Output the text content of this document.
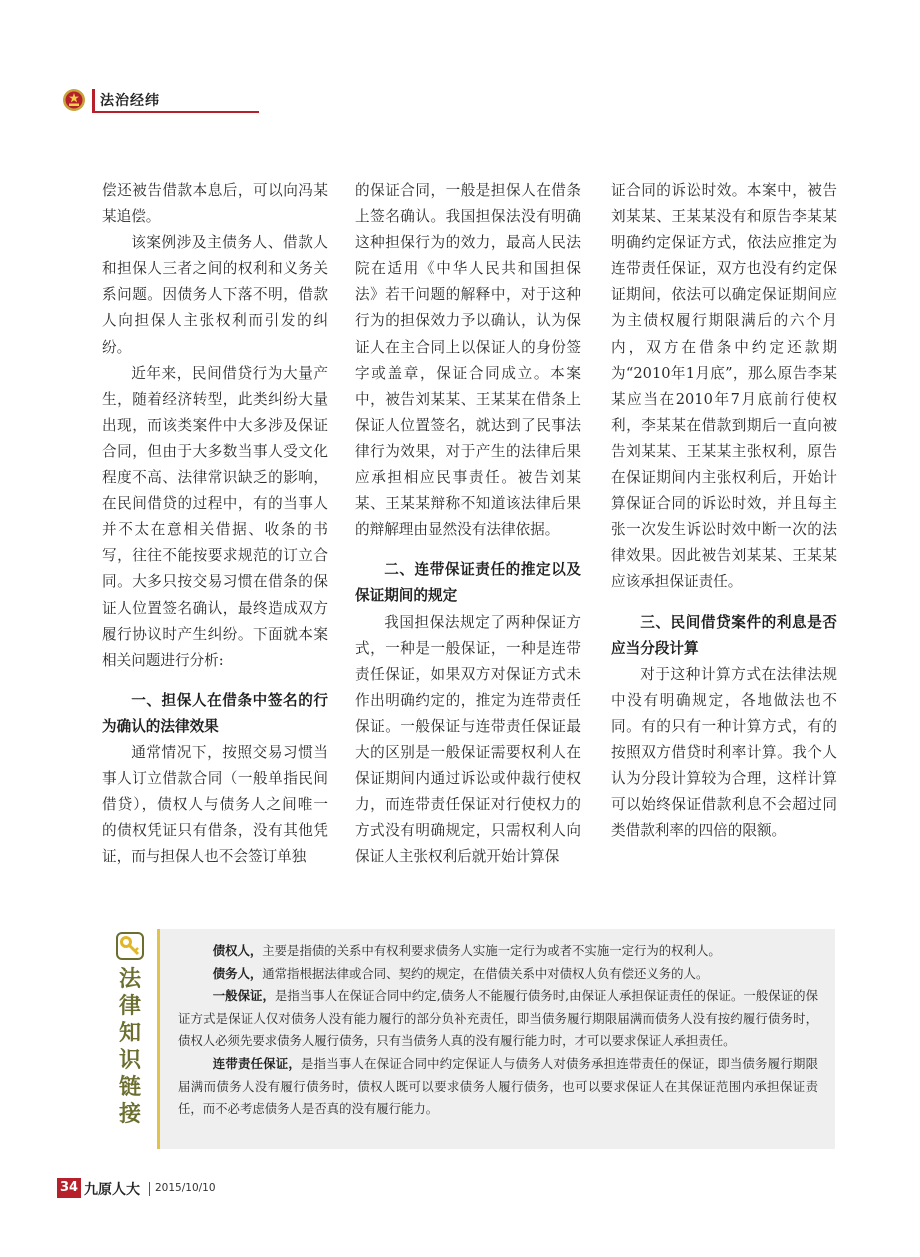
法治经纬

偿还被告借款本息后，可以向冯某某追偿。

该案例涉及主债务人、借款人和担保人三者之间的权利和义务关系问题。因债务人下落不明，借款人向担保人主张权利而引发的纠纷。

近年来，民间借贷行为大量产生，随着经济转型，此类纠纷大量出现，而该类案件中大多涉及保证合同，但由于大多数当事人受文化程度不高、法律常识缺乏的影响，在民间借贷的过程中，有的当事人并不太在意相关借据、收条的书写，往往不能按要求规范的订立合同。大多只按交易习惯在借条的保证人位置签名确认，最终造成双方履行协议时产生纠纷。下面就本案相关问题进行分析:

一、担保人在借条中签名的行为确认的法律效果

通常情况下，按照交易习惯当事人订立借款合同（一般单指民间借贷），债权人与债务人之间唯一的债权凭证只有借条，没有其他凭证，而与担保人也不会签订单独

的保证合同，一般是担保人在借条上签名确认。我国担保法没有明确这种担保行为的效力，最高人民法院在适用《中华人民共和国担保法》若干问题的解释中，对于这种行为的担保效力予以确认，认为保证人在主合同上以保证人的身份签字或盖章，保证合同成立。本案中，被告刘某某、王某某在借条上保证人位置签名，就达到了民事法律行为效果，对于产生的法律后果应承担相应民事责任。被告刘某某、王某某辩称不知道该法律后果的辩解理由显然没有法律依据。

二、连带保证责任的推定以及保证期间的规定

我国担保法规定了两种保证方式，一种是一般保证，一种是连带责任保证，如果双方对保证方式未作出明确约定的，推定为连带责任保证。一般保证与连带责任保证最大的区别是一般保证需要权利人在保证期间内通过诉讼或仲裁行使权力，而连带责任保证对行使权力的方式没有明确规定，只需权利人向保证人主张权利后就开始计算保

证合同的诉讼时效。本案中，被告刘某某、王某某没有和原告李某某明确约定保证方式，依法应推定为连带责任保证，双方也没有约定保证期间，依法可以确定保证期间应为主债权履行期限满后的六个月内，双方在借条中约定还款期为“2010年1月底”，那么原告李某某应当在2010年7月底前行使权利，李某某在借款到期后一直向被告刘某某、王某某主张权利，原告在保证期间内主张权利后，开始计算保证合同的诉讼时效，并且每主张一次发生诉讼时效中断一次的法律效果。因此被告刘某某、王某某应该承担保证责任。

三、民间借贷案件的利息是否应当分段计算

对于这种计算方式在法律法规中没有明确规定，各地做法也不同。有的只有一种计算方式，有的按照双方借贷时利率计算。我个人认为分段计算较为合理，这样计算可以始终保证借款利息不会超过同类借款利率的四倍的限额。

法律知识链接

债权人，主要是指债的关系中有权利要求债务人实施一定行为或者不实施一定行为的权利人。

债务人，通常指根据法律或合同、契约的规定，在借债关系中对债权人负有偿还义务的人。

一般保证，是指当事人在保证合同中约定,债务人不能履行债务时,由保证人承担保证责任的保证。一般保证的保证方式是保证人仅对债务人没有能力履行的部分负补充责任，即当债务履行期限届满而债务人没有按约履行债务时，债权人必须先要求债务人履行债务，只有当债务人真的没有履行能力时，才可以要求保证人承担责任。

连带责任保证，是指当事人在保证合同中约定保证人与债务人对债务承担连带责任的保证，即当债务履行期限届满而债务人没有履行债务时，债权人既可以要求债务人履行债务，也可以要求保证人在其保证范围内承担保证责任，而不必考虑债务人是否真的没有履行能力。

34 九原人大 2015/10/10
